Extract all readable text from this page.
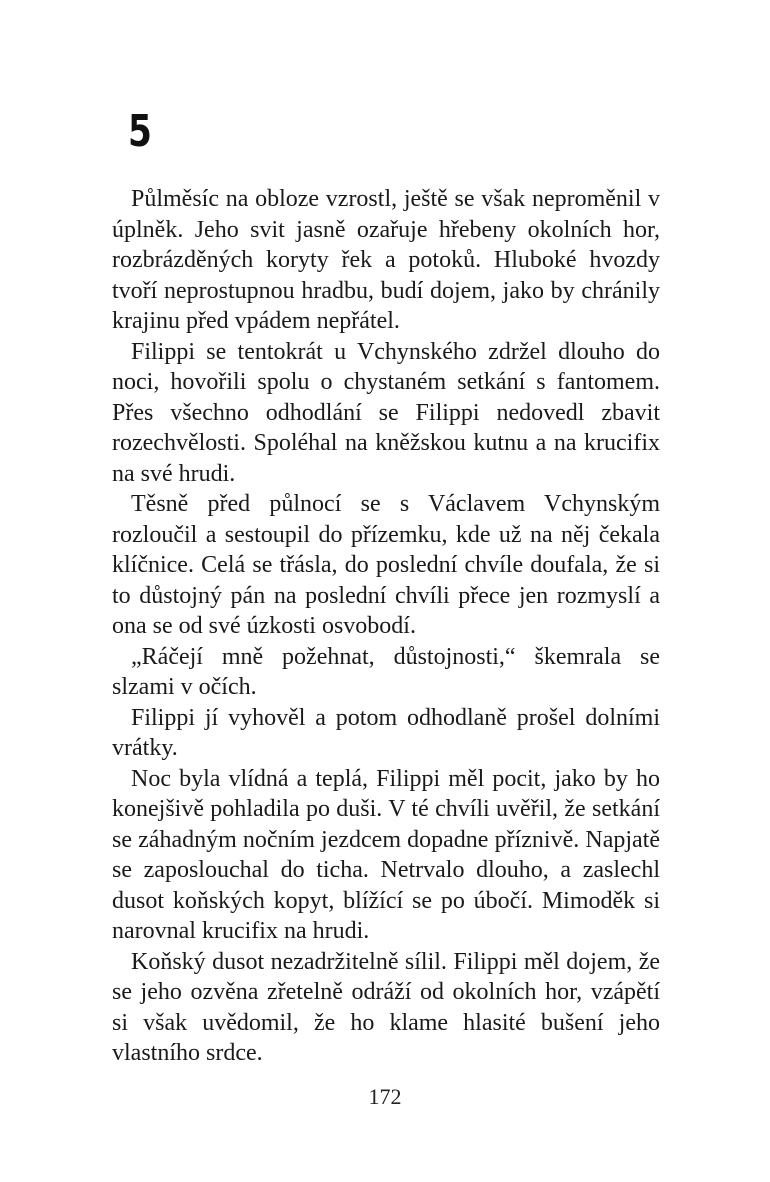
5

Půlměsíc na obloze vzrostl, ještě se však neproměnil v úplněk. Jeho svit jasně ozařuje hřebeny okolních hor, rozbrázděných koryty řek a potoků. Hluboké hvozdy tvoří neprostupnou hradbu, budí dojem, jako by chránily krajinu před vpádem nepřátel.

Filippi se tentokrát u Vchynského zdržel dlouho do noci, hovořili spolu o chystaném setkání s fantomem. Přes všechno odhodlání se Filippi nedovedl zbavit rozechvělosti. Spoléhal na kněžskou kutnu a na krucifix na své hrudi.

Těsně před půlnocí se s Václavem Vchynským rozloučil a sestoupil do přízemku, kde už na něj čekala klíčnice. Celá se třásla, do poslední chvíle doufala, že si to důstojný pán na poslední chvíli přece jen rozmyslí a ona se od své úzkosti osvobodí.

„Ráčejí mně požehnat, důstojnosti,“ škemrala se slzami v očích.

Filippi jí vyhověl a potom odhodlaně prošel dolními vrátky.

Noc byla vlídná a teplá, Filippi měl pocit, jako by ho konejšivě pohladila po duši. V té chvíli uvěřil, že setkání se záhadným nočním jezdcem dopadne příznivě. Napjatě se zaposlouchal do ticha. Netrvalo dlouho, a zaslechl dusot koňských kopyt, blížící se po úbočí. Mimoděk si narovnal krucifix na hrudi.

Koňský dusot nezadržitelně sílil. Filippi měl dojem, že se jeho ozvěna zřetelně odráží od okolních hor, vzápětí si však uvědomil, že ho klame hlasité bušení jeho vlastního srdce.

172
